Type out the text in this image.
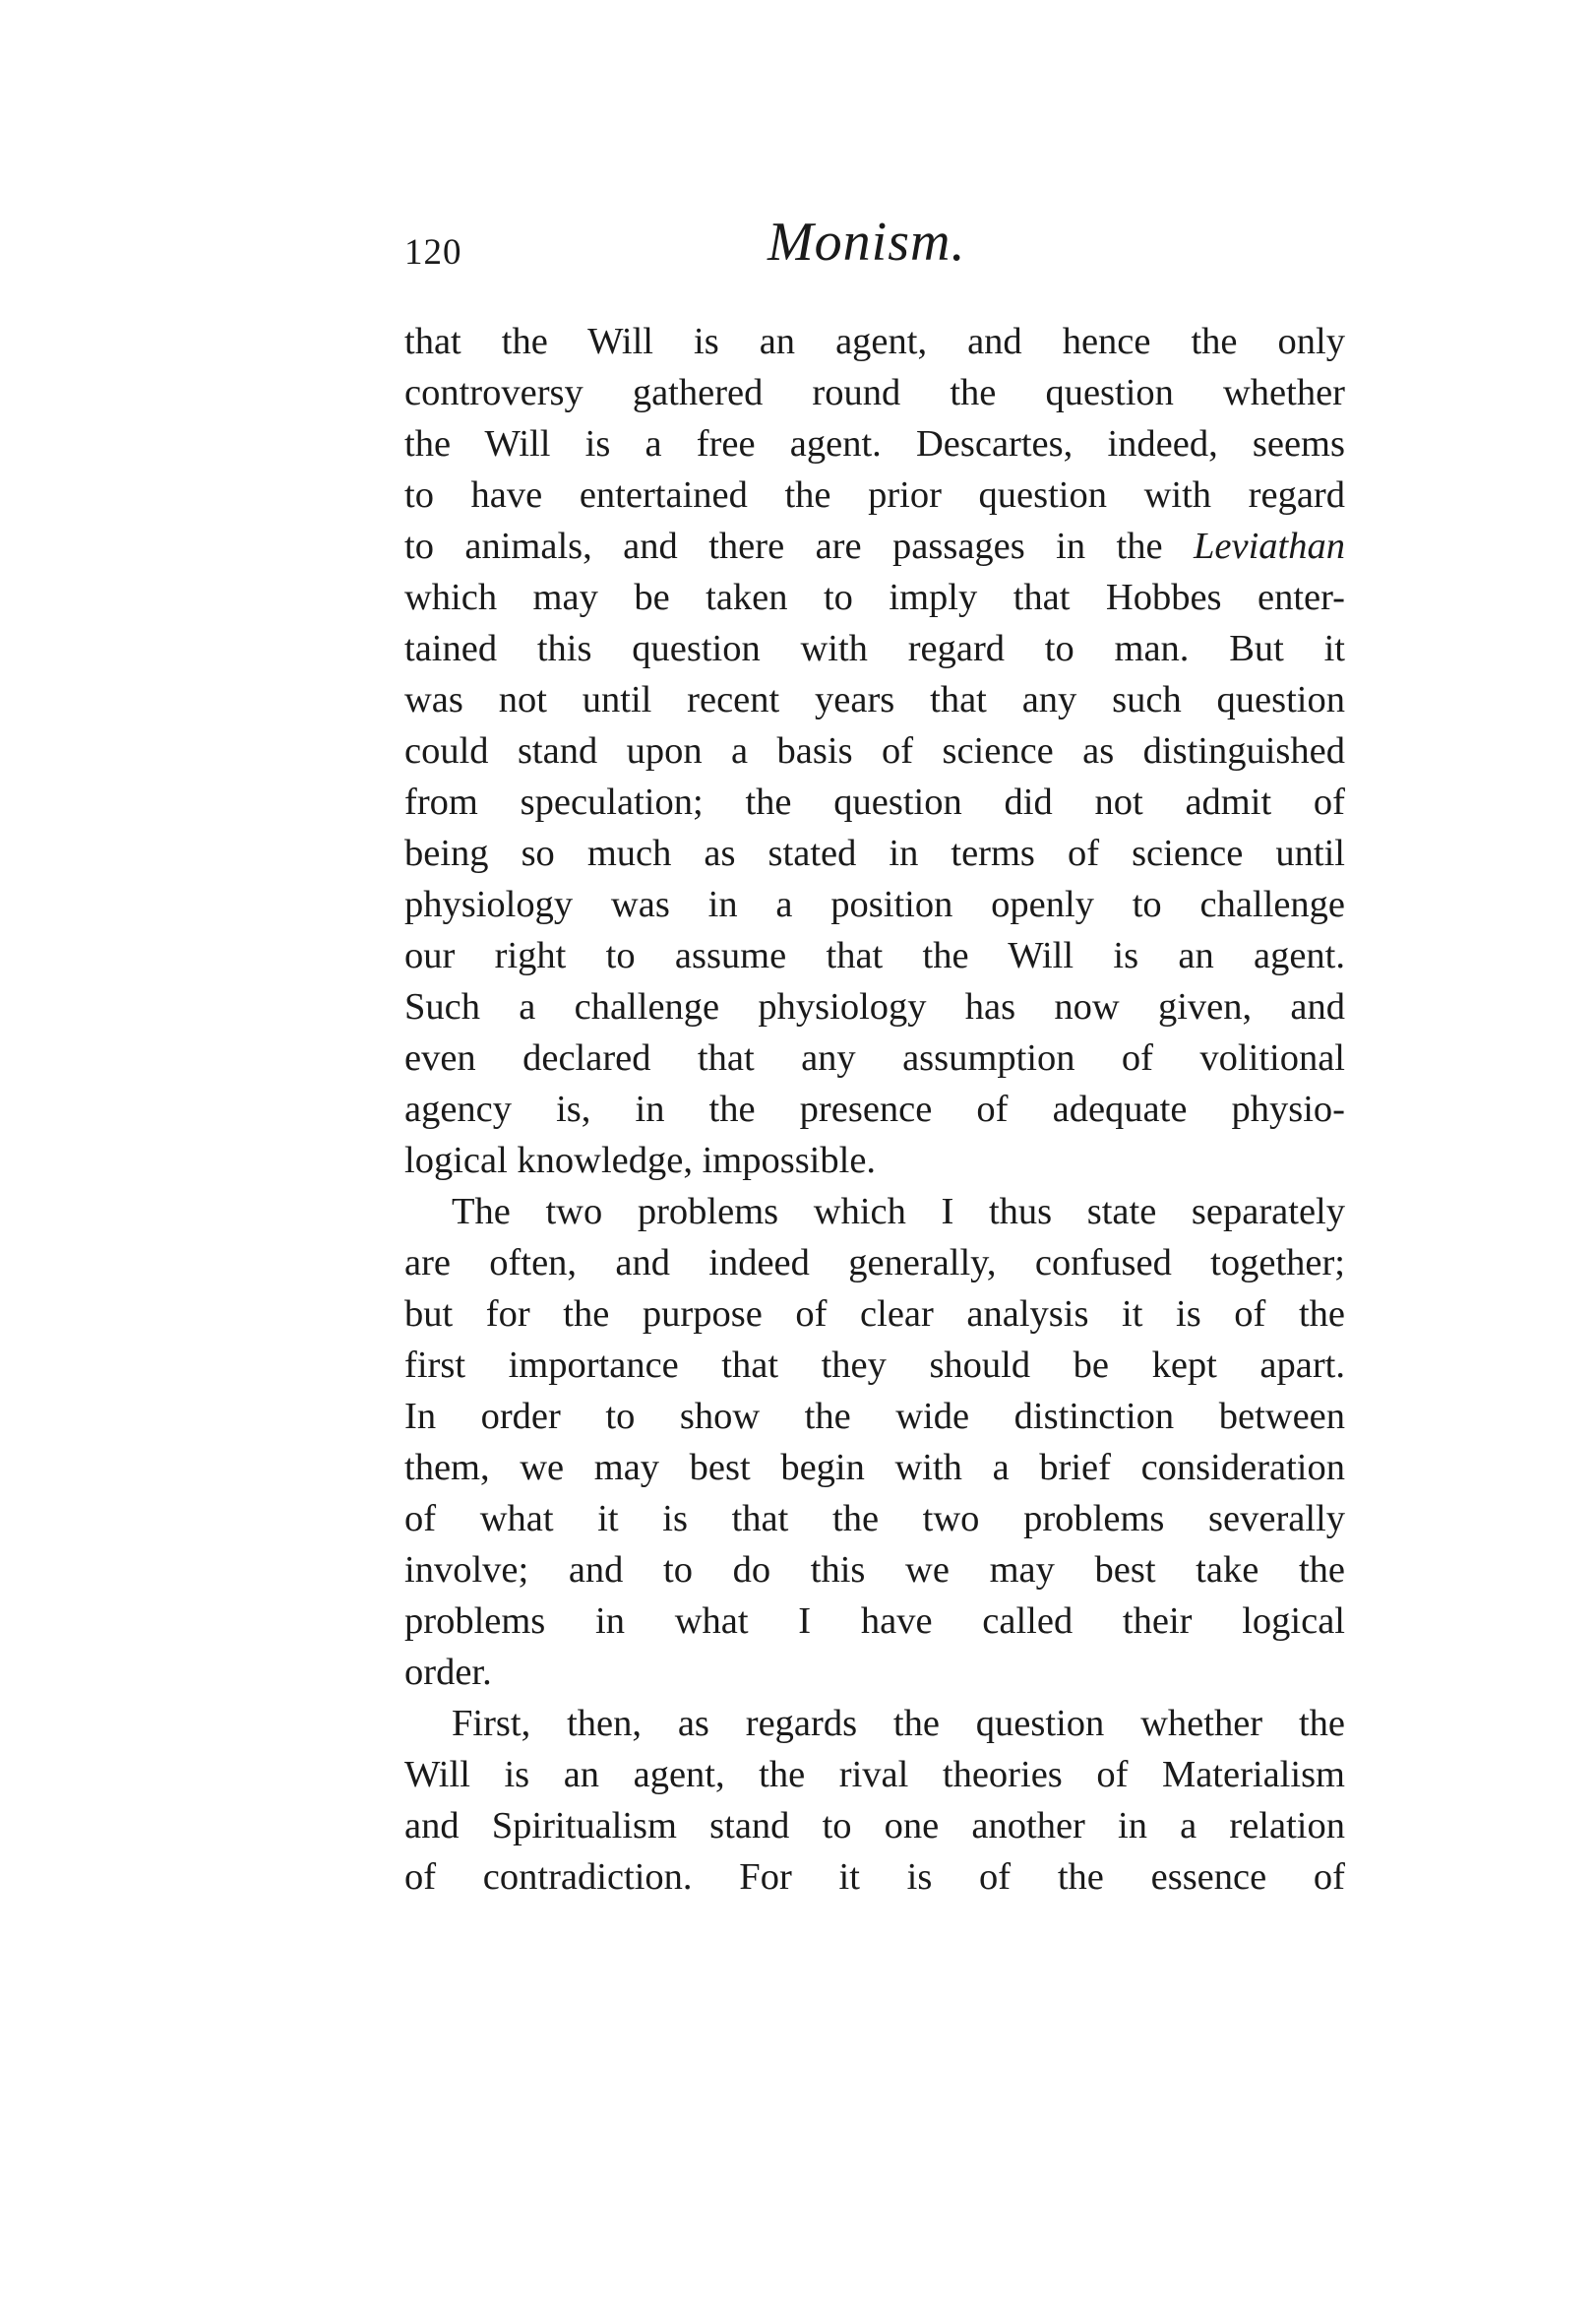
120	Monism.
that the Will is an agent, and hence the only
controversy gathered round the question whether
the Will is a free agent. Descartes, indeed, seems
to have entertained the prior question with regard
to animals, and there are passages in the Leviathan
which may be taken to imply that Hobbes enter-
tained this question with regard to man. But it
was not until recent years that any such question
could stand upon a basis of science as distinguished
from speculation; the question did not admit of
being so much as stated in terms of science until
physiology was in a position openly to challenge
our right to assume that the Will is an agent.
Such a challenge physiology has now given, and
even declared that any assumption of volitional
agency is, in the presence of adequate physio-
logical knowledge, impossible.
The two problems which I thus state separately
are often, and indeed generally, confused together;
but for the purpose of clear analysis it is of the
first importance that they should be kept apart.
In order to show the wide distinction between
them, we may best begin with a brief consideration
of what it is that the two problems severally
involve; and to do this we may best take the
problems in what I have called their logical
order.
First, then, as regards the question whether the
Will is an agent, the rival theories of Materialism
and Spiritualism stand to one another in a relation
of contradiction. For it is of the essence of
